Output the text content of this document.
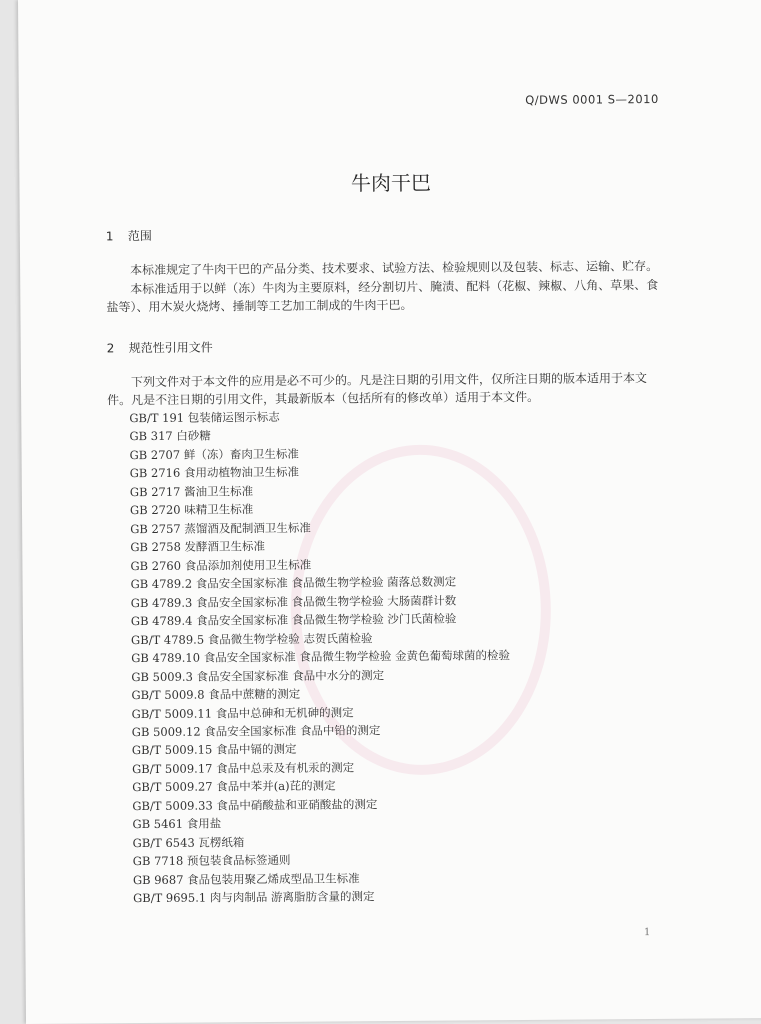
Q/DWS 0001 S—2010
牛肉干巴
1 范围
本标准规定了牛肉干巴的产品分类、技术要求、试验方法、检验规则以及包装、标志、运输、贮存。
本标准适用于以鲜（冻）牛肉为主要原料，经分割切片、腌渍、配料（花椒、辣椒、八角、草果、食盐等）、用木炭火烧烤、捶制等工艺加工制成的牛肉干巴。
2 规范性引用文件
下列文件对于本文件的应用是必不可少的。凡是注日期的引用文件，仅所注日期的版本适用于本文件。凡是不注日期的引用文件，其最新版本（包括所有的修改单）适用于本文件。
GB/T 191 包装储运图示标志
GB 317 白砂糖
GB 2707 鲜（冻）畜肉卫生标准
GB 2716 食用动植物油卫生标准
GB 2717 酱油卫生标准
GB 2720 味精卫生标准
GB 2757 蒸馏酒及配制酒卫生标准
GB 2758 发酵酒卫生标准
GB 2760 食品添加剂使用卫生标准
GB 4789.2 食品安全国家标准 食品微生物学检验 菌落总数测定
GB 4789.3 食品安全国家标准 食品微生物学检验 大肠菌群计数
GB 4789.4 食品安全国家标准 食品微生物学检验 沙门氏菌检验
GB/T 4789.5 食品微生物学检验 志贺氏菌检验
GB 4789.10 食品安全国家标准 食品微生物学检验 金黄色葡萄球菌的检验
GB 5009.3 食品安全国家标准 食品中水分的测定
GB/T 5009.8 食品中蔗糖的测定
GB/T 5009.11 食品中总砷和无机砷的测定
GB 5009.12 食品安全国家标准 食品中铅的测定
GB/T 5009.15 食品中镉的测定
GB/T 5009.17 食品中总汞及有机汞的测定
GB/T 5009.27 食品中苯并(a)芘的测定
GB/T 5009.33 食品中硝酸盐和亚硝酸盐的测定
GB 5461 食用盐
GB/T 6543 瓦楞纸箱
GB 7718 预包装食品标签通则
GB 9687 食品包装用聚乙烯成型品卫生标准
GB/T 9695.1 肉与肉制品 游离脂肪含量的测定
1
